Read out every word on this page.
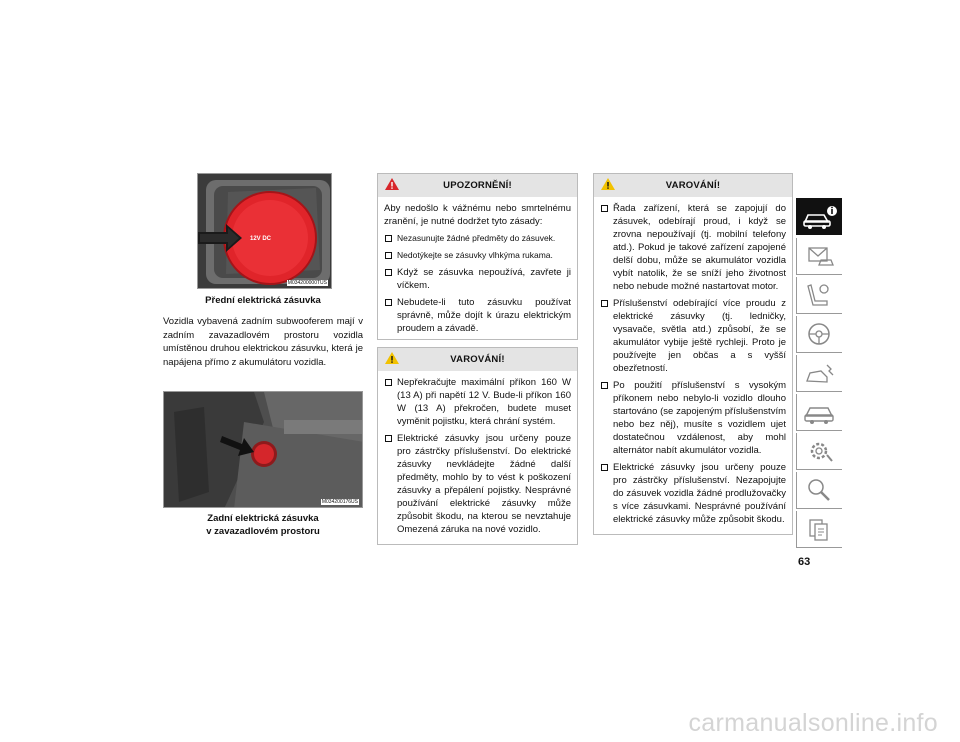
12V DC
M034200000TUS
Přední elektrická zásuvka
Vozidla vybavená zadním subwooferem mají v zadním zavazadlovém prostoru vozidla umístěnou druhou elektrickou zásuvku, která je napájena přímo z akumulátoru vozidla.
M034200176US
Zadní elektrická zásuvka
v zavazadlovém prostoru
UPOZORNĚNÍ!
Aby nedošlo k vážnému nebo smrtelnému zranění, je nutné dodržet tyto zásady:
Nezasunujte žádné předměty do zásuvek.
Nedotýkejte se zásuvky vlhkýma rukama.
Když se zásuvka nepoužívá, zavřete ji víčkem.
Nebudete-li tuto zásuvku používat správně, může dojít k úrazu elektrickým proudem a závadě.
VAROVÁNÍ!
Nepřekračujte maximální příkon 160 W (13 A) při napětí 12 V. Bude-li příkon 160 W (13 A) překročen, budete muset vyměnit pojistku, která chrání systém.
Elektrické zásuvky jsou určeny pouze pro zástrčky příslušenství. Do elektrické zásuvky nevkládejte žádné další předměty, mohlo by to vést k poškození zásuvky a přepálení pojistky. Nesprávné používání elektrické zásuvky může způsobit škodu, na kterou se nevztahuje Omezená záruka na nové vozidlo.
VAROVÁNÍ!
Řada zařízení, která se zapojují do zásuvek, odebírají proud, i když se zrovna nepoužívají (tj. mobilní telefony atd.). Pokud je takové zařízení zapojené delší dobu, může se akumulátor vozidla vybít natolik, že se sníží jeho životnost nebo nebude možné nastartovat motor.
Příslušenství odebírající více proudu z elektrické zásuvky (tj. ledničky, vysavače, světla atd.) způsobí, že se akumulátor vybije ještě rychleji. Proto je používejte jen občas a s vyšší obezřetností.
Po použití příslušenství s vysokým příkonem nebo nebylo-li vozidlo dlouho startováno (se zapojeným příslušenstvím nebo bez něj), musíte s vozidlem ujet dostatečnou vzdálenost, aby mohl alternátor nabít akumulátor vozidla.
Elektrické zásuvky jsou určeny pouze pro zástrčky příslušenství. Nezapojujte do zásuvek vozidla žádné prodlužovačky s více zásuvkami. Nesprávné používání elektrické zásuvky může způsobit škodu.
63
carmanualsonline.info
